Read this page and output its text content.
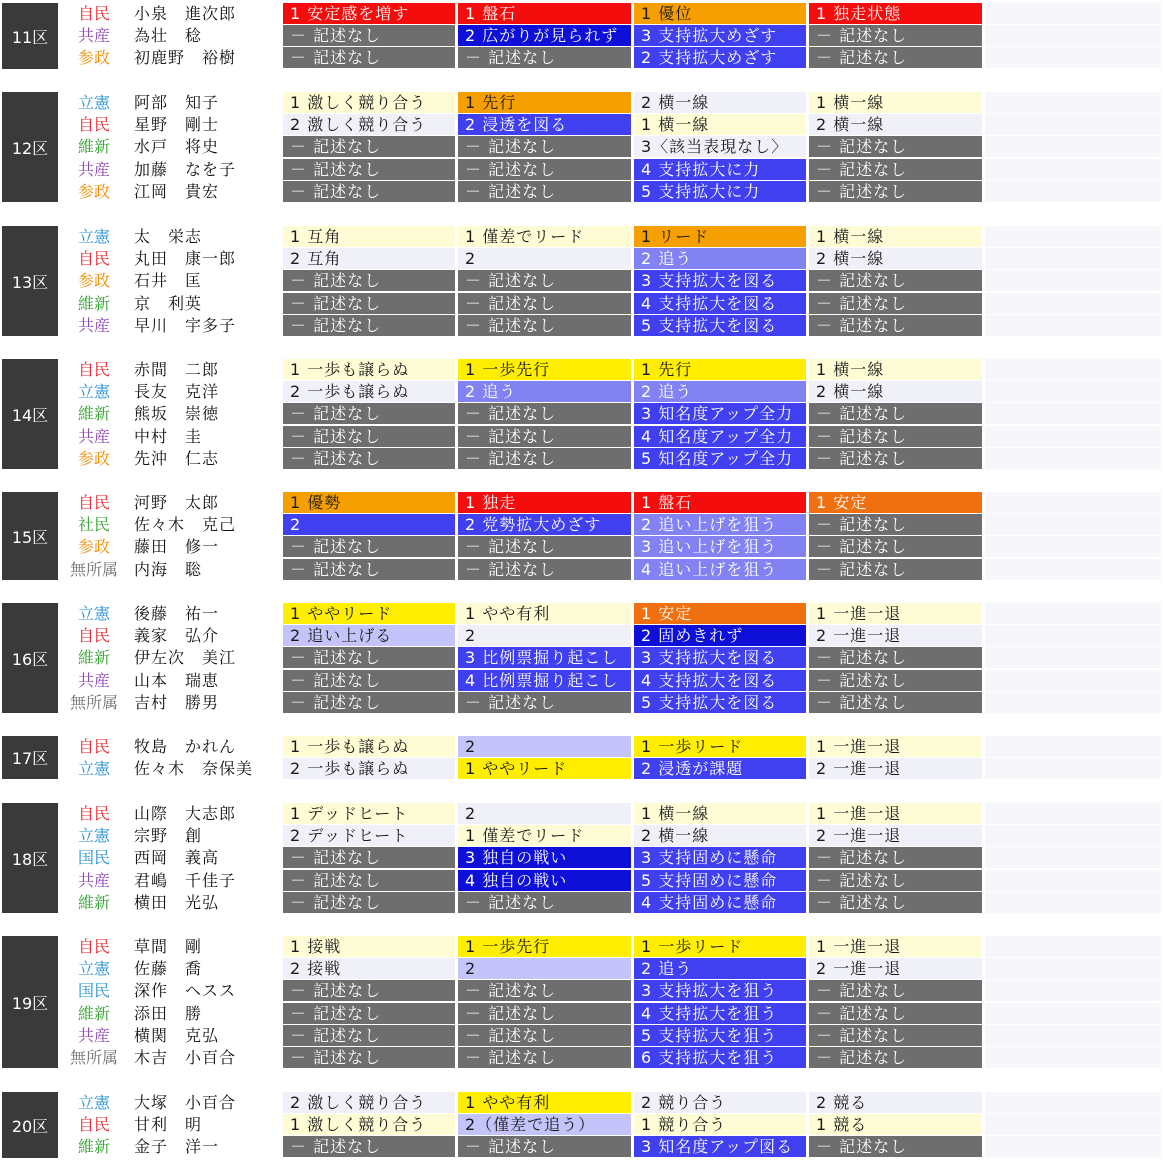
11区
自民	小泉　進次郎	1 安定感を増す	1 盤石	1 優位	1 独走状態
共産	為壮　稔	－ 記述なし	2 広がりが見られず	3 支持拡大めざす	－ 記述なし
参政	初鹿野　裕樹	－ 記述なし	－ 記述なし	2 支持拡大めざす	－ 記述なし
12区
立憲	阿部　知子	1 激しく競り合う	1 先行	2 横一線	1 横一線
自民	星野　剛士	2 激しく競り合う	2 浸透を図る	1 横一線	2 横一線
維新	水戸　将史	－ 記述なし	－ 記述なし	3〈該当表現なし〉	－ 記述なし
共産	加藤　なを子	－ 記述なし	－ 記述なし	4 支持拡大に力	－ 記述なし
参政	江岡　貴宏	－ 記述なし	－ 記述なし	5 支持拡大に力	－ 記述なし
13区
立憲	太　栄志	1 互角	1 僅差でリード	1 リード	1 横一線
自民	丸田　康一郎	2 互角	2	2 追う	2 横一線
参政	石井　匡	－ 記述なし	－ 記述なし	3 支持拡大を図る	－ 記述なし
維新	京　利英	－ 記述なし	－ 記述なし	4 支持拡大を図る	－ 記述なし
共産	早川　宇多子	－ 記述なし	－ 記述なし	5 支持拡大を図る	－ 記述なし
14区
自民	赤間　二郎	1 一歩も譲らぬ	1 一歩先行	1 先行	1 横一線
立憲	長友　克洋	2 一歩も譲らぬ	2 追う	2 追う	2 横一線
維新	熊坂　崇徳	－ 記述なし	－ 記述なし	3 知名度アップ全力	－ 記述なし
共産	中村　圭	－ 記述なし	－ 記述なし	4 知名度アップ全力	－ 記述なし
参政	先沖　仁志	－ 記述なし	－ 記述なし	5 知名度アップ全力	－ 記述なし
15区
自民	河野　太郎	1 優勢	1 独走	1 盤石	1 安定
社民	佐々木　克己	2	2 党勢拡大めざす	2 追い上げを狙う	－ 記述なし
参政	藤田　修一	－ 記述なし	－ 記述なし	3 追い上げを狙う	－ 記述なし
無所属	内海　聡	－ 記述なし	－ 記述なし	4 追い上げを狙う	－ 記述なし
16区
立憲	後藤　祐一	1 ややリード	1 やや有利	1 安定	1 一進一退
自民	義家　弘介	2 追い上げる	2	2 固めきれず	2 一進一退
維新	伊左次　美江	－ 記述なし	3 比例票掘り起こし	3 支持拡大を図る	－ 記述なし
共産	山本　瑞恵	－ 記述なし	4 比例票掘り起こし	4 支持拡大を図る	－ 記述なし
無所属	吉村　勝男	－ 記述なし	－ 記述なし	5 支持拡大を図る	－ 記述なし
17区
自民	牧島　かれん	1 一歩も譲らぬ	2	1 一歩リード	1 一進一退
立憲	佐々木　奈保美	2 一歩も譲らぬ	1 ややリード	2 浸透が課題	2 一進一退
18区
自民	山際　大志郎	1 デッドヒート	2	1 横一線	1 一進一退
立憲	宗野　創	2 デッドヒート	1 僅差でリード	2 横一線	2 一進一退
国民	西岡　義高	－ 記述なし	3 独自の戦い	3 支持固めに懸命	－ 記述なし
共産	君嶋　千佳子	－ 記述なし	4 独自の戦い	5 支持固めに懸命	－ 記述なし
維新	横田　光弘	－ 記述なし	－ 記述なし	4 支持固めに懸命	－ 記述なし
19区
自民	草間　剛	1 接戦	1 一歩先行	1 一歩リード	1 一進一退
立憲	佐藤　喬	2 接戦	2	2 追う	2 一進一退
国民	深作　ヘスス	－ 記述なし	－ 記述なし	3 支持拡大を狙う	－ 記述なし
維新	添田　勝	－ 記述なし	－ 記述なし	4 支持拡大を狙う	－ 記述なし
共産	横関　克弘	－ 記述なし	－ 記述なし	5 支持拡大を狙う	－ 記述なし
無所属	木吉　小百合	－ 記述なし	－ 記述なし	6 支持拡大を狙う	－ 記述なし
20区
立憲	大塚　小百合	2 激しく競り合う	1 やや有利	2 競り合う	2 競る
自民	甘利　明	1 激しく競り合う	2（僅差で追う）	1 競り合う	1 競る
維新	金子　洋一	－ 記述なし	－ 記述なし	3 知名度アップ図る	－ 記述なし
